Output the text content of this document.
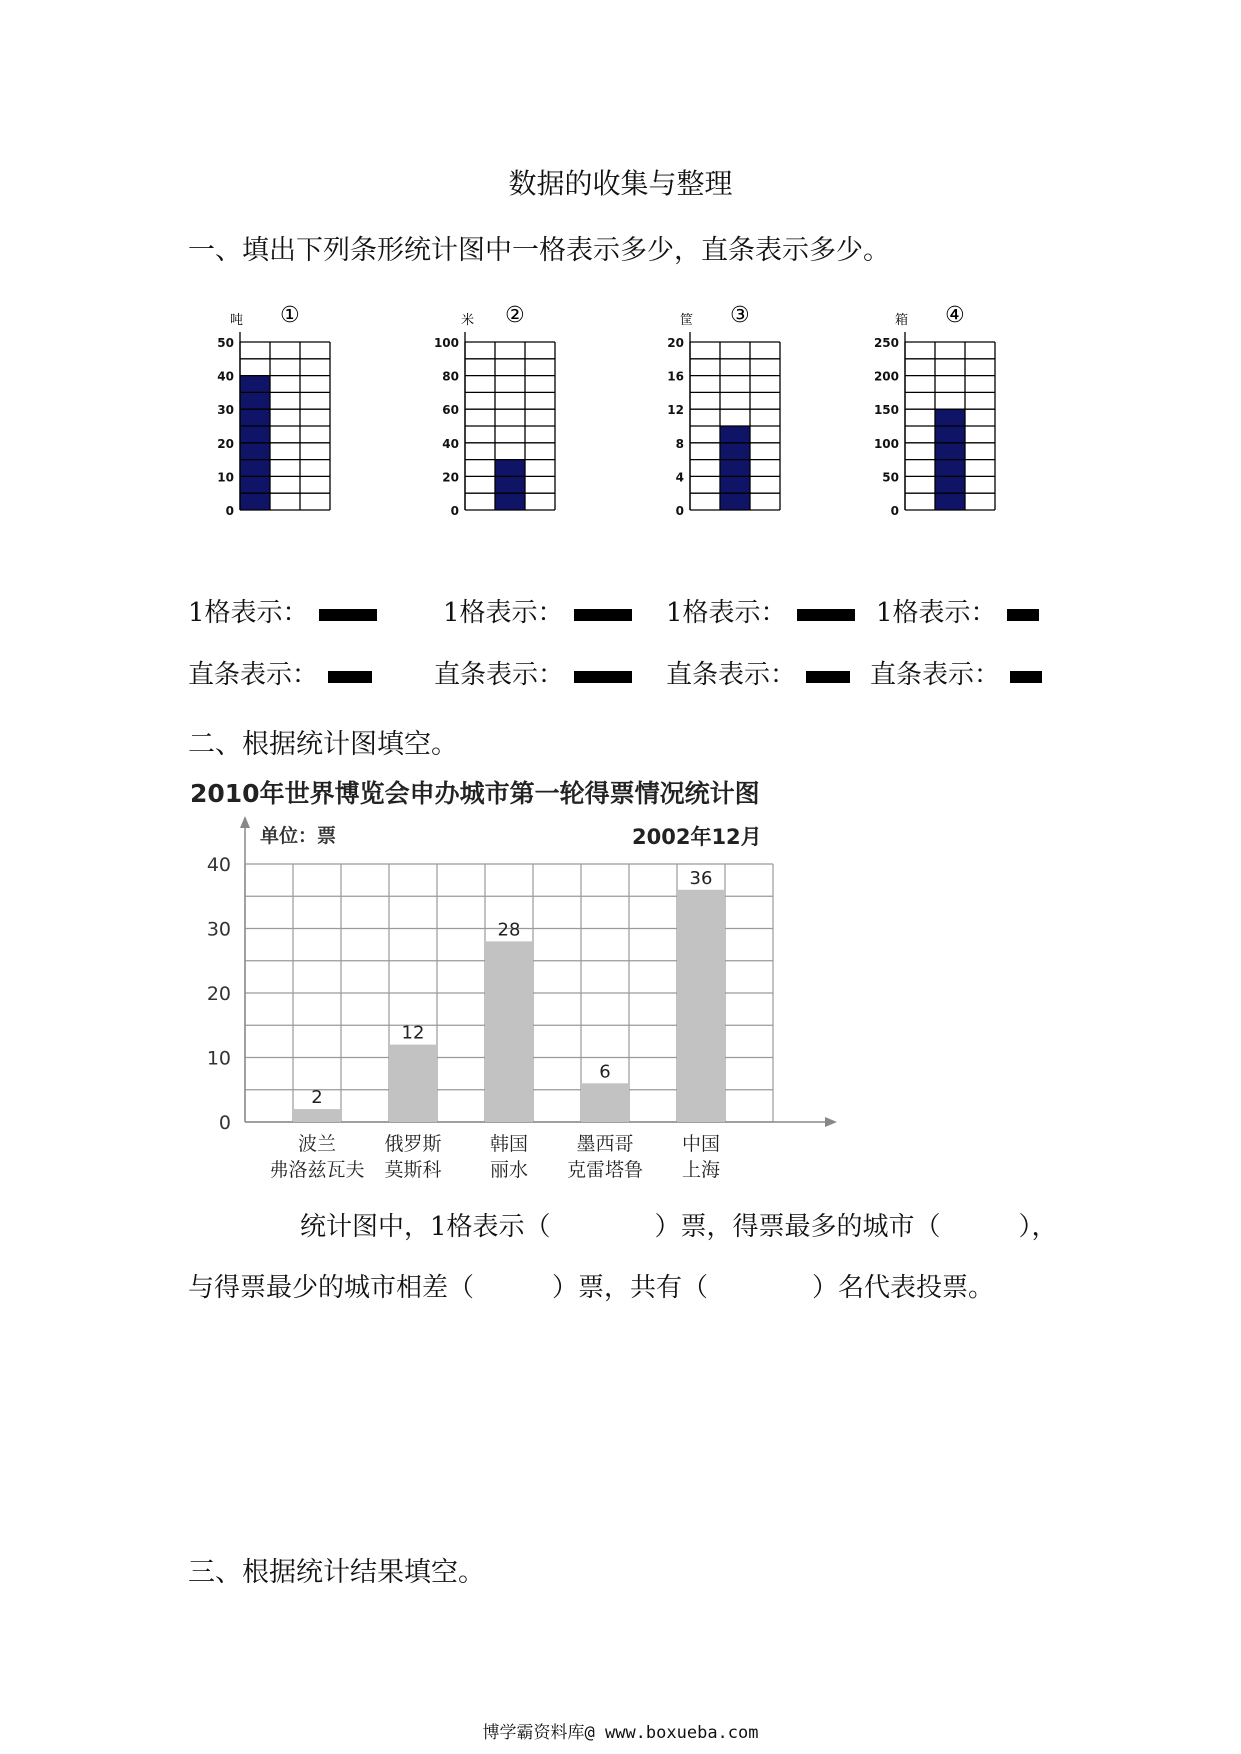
数据的收集与整理
一、填出下列条形统计图中一格表示多少，直条表示多少。
吨 ①
0
10
20
30
40
50
米 ②
0
20
40
60
80
100
筐 ③
0
4
8
12
16
20
箱 ④
0
50
100
150
200
250
1格表示：	1格表示：	1格表示：	1格表示：
直条表示：	直条表示：	直条表示：	直条表示：
二、根据统计图填空。
2010年世界博览会申办城市第一轮得票情况统计图
单位：票	2002年12月
0
10
20
30
40
2
波兰
弗洛兹瓦夫
12
俄罗斯
莫斯科
28
韩国
丽水
6
墨西哥
克雷塔鲁
36
中国
上海
统计图中，1格表示（　　　　）票，得票最多的城市（　　　），
与得票最少的城市相差（　　　）票，共有（　　　　）名代表投票。
三、根据统计结果填空。
博学霸资料库@ www.boxueba.com
